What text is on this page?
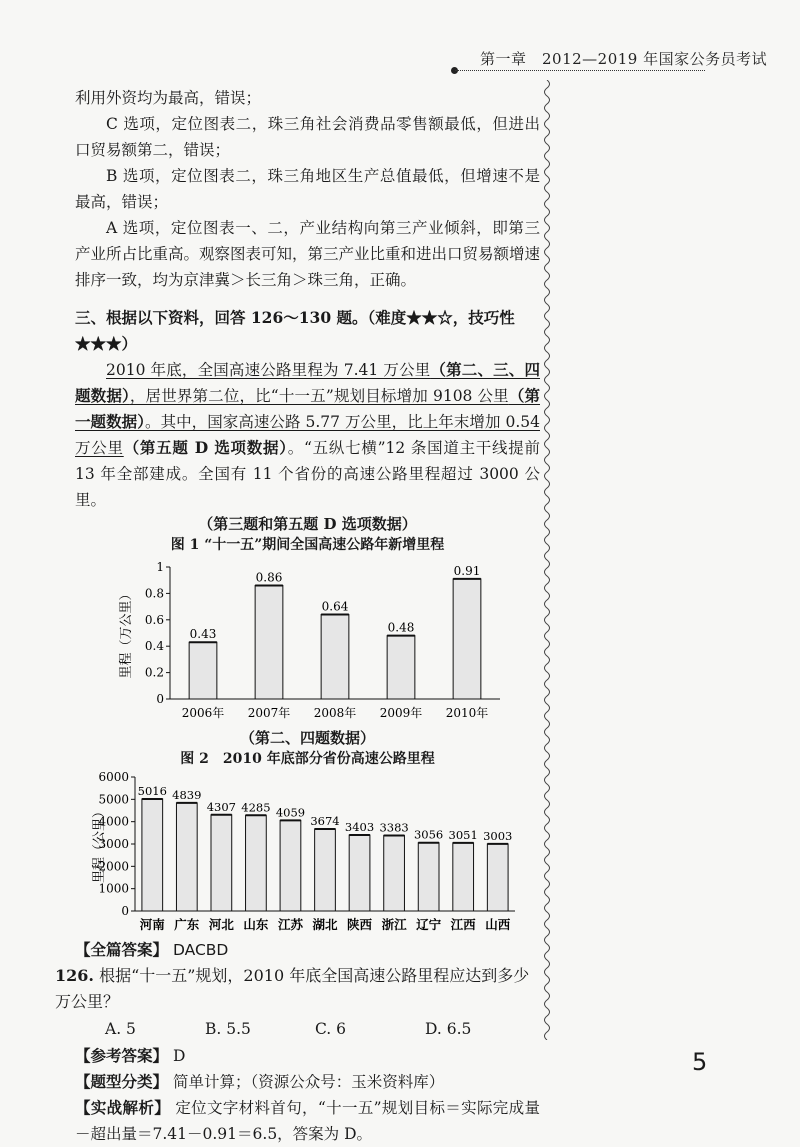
第一章　2012—2019 年国家公务员考试

利用外资均为最高，错误；

C 选项，定位图表二，珠三角社会消费品零售额最低，但进出口贸易额第二，错误；

B 选项，定位图表二，珠三角地区生产总值最低，但增速不是最高，错误；

A 选项，定位图表一、二，产业结构向第三产业倾斜，即第三产业所占比重高。观察图表可知，第三产业比重和进出口贸易额增速排序一致，均为京津冀＞长三角＞珠三角，正确。

三、根据以下资料，回答 126～130 题。（难度★★☆，技巧性★★★）

2010 年底，全国高速公路里程为 7.41 万公里（第二、三、四题数据），居世界第二位，比“十一五”规划目标增加 9108 公里（第一题数据）。其中，国家高速公路 5.77 万公里，比上年末增加 0.54 万公里（第五题 D 选项数据）。“五纵七横”12 条国道主干线提前 13 年全部建成。全国有 11 个省份的高速公路里程超过 3000 公里。

（第三题和第五题 D 选项数据）

图 1 “十一五”期间全国高速公路年新增里程

0
0.2
0.4
0.6
0.8
1
里程（万公里）	0.43
2006年
0.86
2007年
0.64
2008年
0.48
2009年
0.91
2010年

（第二、四题数据）

图 2　2010 年底部分省份高速公路里程

0
1000
2000
3000
4000
5000
6000
里程（公里）
5016
河南
4839
广东
4307
河北
4285
山东
4059
江苏
3674
湖北
3403
陕西
3383
浙江
3056
辽宁
3051
江西
3003
山西

【全篇答案】 DACBD

126. 根据“十一五”规划，2010 年底全国高速公路里程应达到多少万公里？

A. 5	B. 5.5	C. 6	D. 6.5

【参考答案】 D

【题型分类】 简单计算；（资源公众号：玉米资料库）

【实战解析】 定位文字材料首句，“十一五”规划目标＝实际完成量－超出量＝7.41－0.91＝6.5，答案为 D。

5
